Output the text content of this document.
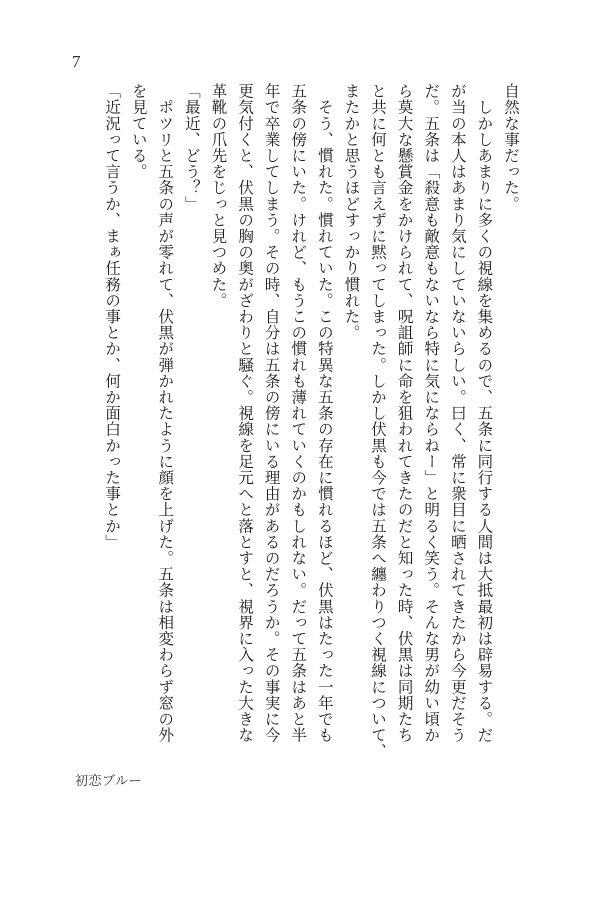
7

自然な事だった。

　しかしあまりに多くの視線を集めるので、五条に同行する人間は大抵最初は辟易する。だ

が当の本人はあまり気にしていないらしい。曰く、常に衆目に晒されてきたから今更だそう

だ。五条は「殺意も敵意もないなら特に気にならねー」と明るく笑う。そんな男が幼い頃か

ら莫大な懸賞金をかけられて、呪詛師に命を狙われてきたのだと知った時、伏黒は同期たち

と共に何とも言えずに黙ってしまった。しかし伏黒も今では五条へ纏わりつく視線について、

またかと思うほどすっかり慣れた。

　そう、慣れた。慣れていた。この特異な五条の存在に慣れるほど、伏黒はたった一年でも

五条の傍にいた。けれど、もうこの慣れも薄れていくのかもしれない。だって五条はあと半

年で卒業してしまう。その時、自分は五条の傍にいる理由があるのだろうか。その事実に今

更気付くと、伏黒の胸の奥がざわりと騒ぐ。視線を足元へと落とすと、視界に入った大きな

革靴の爪先をじっと見つめた。

「最近、どう？」

　ポツリと五条の声が零れて、伏黒が弾かれたように顔を上げた。五条は相変わらず窓の外

を見ている。

「近況って言うか、まぁ任務の事とか、何か面白かった事とか」

初恋ブルー
